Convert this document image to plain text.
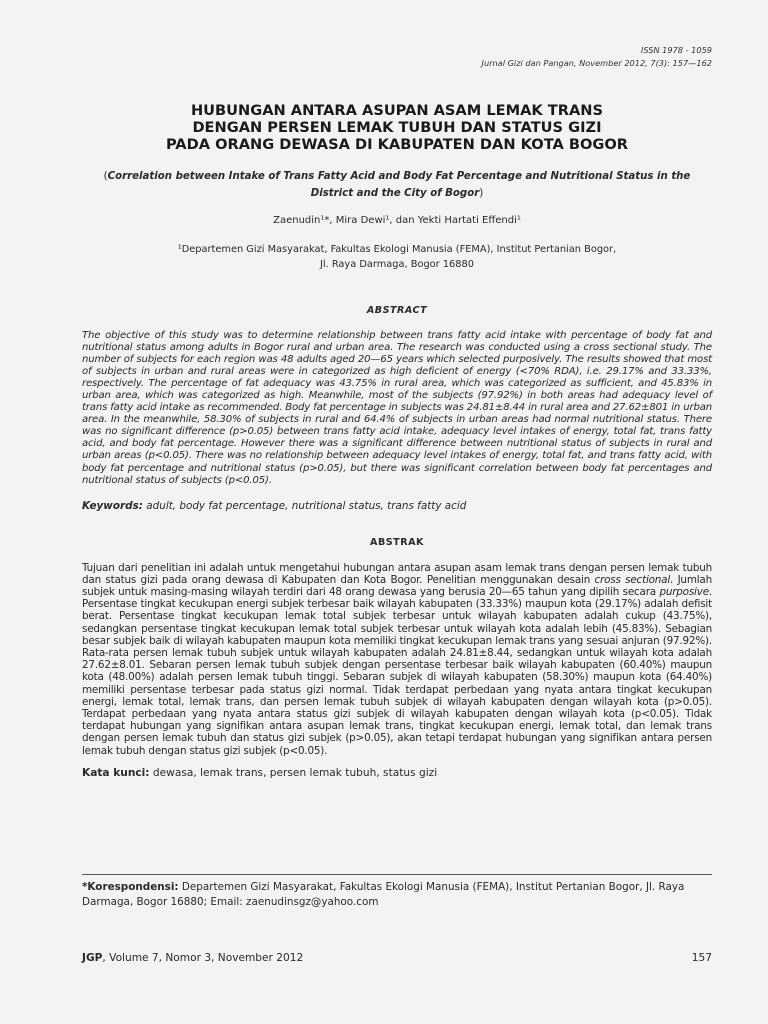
ISSN 1978 - 1059
Jurnal Gizi dan Pangan, November 2012, 7(3): 157—162
HUBUNGAN ANTARA ASUPAN ASAM LEMAK TRANS
DENGAN PERSEN LEMAK TUBUH DAN STATUS GIZI
PADA ORANG DEWASA DI KABUPATEN DAN KOTA BOGOR
(Correlation between Intake of Trans Fatty Acid and Body Fat Percentage and Nutritional Status in the District and the City of Bogor)
Zaenudin¹*, Mira Dewi¹, dan Yekti Hartati Effendi¹
¹Departemen Gizi Masyarakat, Fakultas Ekologi Manusia (FEMA), Institut Pertanian Bogor,
Jl. Raya Darmaga, Bogor 16880
ABSTRACT
The objective of this study was to determine relationship between trans fatty acid intake with percentage of body fat and nutritional status among adults in Bogor rural and urban area. The research was conducted using a cross sectional study. The number of subjects for each region was 48 adults aged 20—65 years which selected purposively. The results showed that most of subjects in urban and rural areas were in categorized as high deficient of energy (<70% RDA), i.e. 29.17% and 33.33%, respectively. The percentage of fat adequacy was 43.75% in rural area, which was categorized as sufficient, and 45.83% in urban area, which was categorized as high. Meanwhile, most of the subjects (97.92%) in both areas had adequacy level of trans fatty acid intake as recommended. Body fat percentage in subjects was 24.81±8.44 in rural area and 27.62±801 in urban area. In the meanwhile, 58.30% of subjects in rural and 64.4% of subjects in urban areas had normal nutritional status. There was no significant difference (p>0.05) between trans fatty acid intake, adequacy level intakes of energy, total fat, trans fatty acid, and body fat percentage. However there was a significant difference between nutritional status of subjects in rural and urban areas (p<0.05). There was no relationship between adequacy level intakes of energy, total fat, and trans fatty acid, with body fat percentage and nutritional status (p>0.05), but there was significant correlation between body fat percentages and nutritional status of subjects (p<0.05).
Keywords: adult, body fat percentage, nutritional status, trans fatty acid
ABSTRAK
Tujuan dari penelitian ini adalah untuk mengetahui hubungan antara asupan asam lemak trans dengan persen lemak tubuh dan status gizi pada orang dewasa di Kabupaten dan Kota Bogor. Penelitian menggunakan desain cross sectional. Jumlah subjek untuk masing-masing wilayah terdiri dari 48 orang dewasa yang berusia 20—65 tahun yang dipilih secara purposive. Persentase tingkat kecukupan energi subjek terbesar baik wilayah kabupaten (33.33%) maupun kota (29.17%) adalah defisit berat. Persentase tingkat kecukupan lemak total subjek terbesar untuk wilayah kabupaten adalah cukup (43.75%), sedangkan persentase tingkat kecukupan lemak total subjek terbesar untuk wilayah kota adalah lebih (45.83%). Sebagian besar subjek baik di wilayah kabupaten maupun kota memiliki tingkat kecukupan lemak trans yang sesuai anjuran (97.92%). Rata-rata persen lemak tubuh subjek untuk wilayah kabupaten adalah 24.81±8.44, sedangkan untuk wilayah kota adalah 27.62±8.01. Sebaran persen lemak tubuh subjek dengan persentase terbesar baik wilayah kabupaten (60.40%) maupun kota (48.00%) adalah persen lemak tubuh tinggi. Sebaran subjek di wilayah kabupaten (58.30%) maupun kota (64.40%) memiliki persentase terbesar pada status gizi normal. Tidak terdapat perbedaan yang nyata antara tingkat kecukupan energi, lemak total, lemak trans, dan persen lemak tubuh subjek di wilayah kabupaten dengan wilayah kota (p>0.05). Terdapat perbedaan yang nyata antara status gizi subjek di wilayah kabupaten dengan wilayah kota (p<0.05). Tidak terdapat hubungan yang signifikan antara asupan lemak trans, tingkat kecukupan energi, lemak total, dan lemak trans dengan persen lemak tubuh dan status gizi subjek (p>0.05), akan tetapi terdapat hubungan yang signifikan antara persen lemak tubuh dengan status gizi subjek (p<0.05).
Kata kunci: dewasa, lemak trans, persen lemak tubuh, status gizi
*Korespondensi: Departemen Gizi Masyarakat, Fakultas Ekologi Manusia (FEMA), Institut Pertanian Bogor, Jl. Raya Darmaga, Bogor 16880; Email: zaenudinsgz@yahoo.com
JGP, Volume 7, Nomor 3, November 2012	157
